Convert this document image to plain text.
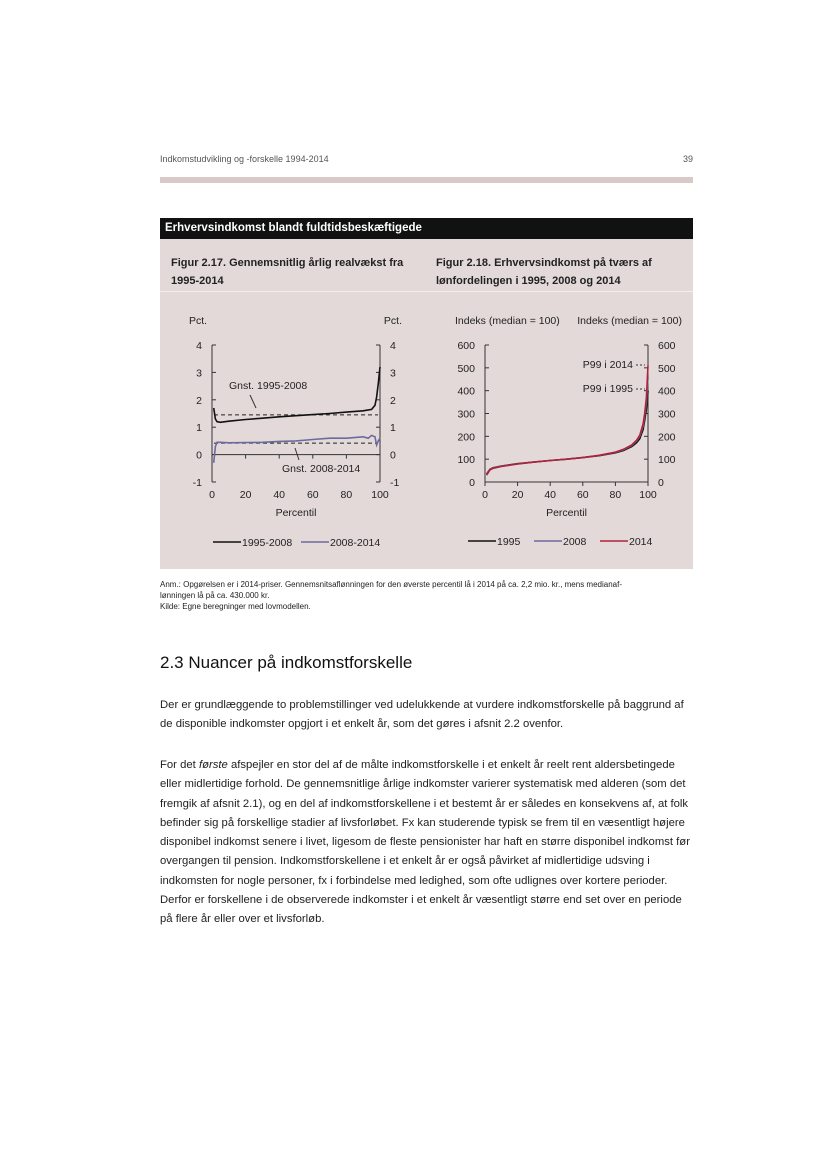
Indkomstudvikling og -forskelle 1994-2014	39
Erhvervsindkomst blandt fuldtidsbeskæftigede
Figur 2.17. Gennemsnitlig årlig realvækst fra 1995-2014
Figur 2.18. Erhvervsindkomst på tværs af lønfordelingen i 1995, 2008 og 2014
Pct.	Pct.
4	4
3	3
2	2
1	1
0	0
-1	-1
0 20 40 60 80 100
Percentil
Gnst. 1995-2008
Gnst. 2008-2014
1995-2008	2008-2014
Indeks (median = 100) Indeks (median = 100)
600	600
500	500
400	400
300	300
200	200
100	100
0	0
0 20 40 60 80 100
Percentil
P99 i 2014
P99 i 1995
1995	2008	2014
Anm.: Opgørelsen er i 2014-priser. Gennemsnitsaflønningen for den øverste percentil lå i 2014 på ca. 2,2 mio. kr., mens medianaf-
lønningen lå på ca. 430.000 kr.
Kilde: Egne beregninger med lovmodellen.
2.3 Nuancer på indkomstforskelle

Der er grundlæggende to problemstillinger ved udelukkende at vurdere indkomstforskelle på baggrund af de disponible indkomster opgjort i et enkelt år, som det gøres i afsnit 2.2 ovenfor.

For det første afspejler en stor del af de målte indkomstforskelle i et enkelt år reelt rent aldersbetingede eller midlertidige forhold. De gennemsnitlige årlige indkomster varierer systematisk med alderen (som det fremgik af afsnit 2.1), og en del af indkomstforskellene i et bestemt år er således en konsekvens af, at folk befinder sig på forskellige stadier af livsforløbet. Fx kan studerende typisk se frem til en væsentligt højere disponibel indkomst senere i livet, ligesom de fleste pensionister har haft en større disponibel indkomst før overgangen til pension. Indkomstforskellene i et enkelt år er også påvirket af midlertidige udsving i indkomsten for nogle personer, fx i forbindelse med ledighed, som ofte udlignes over kortere perioder. Derfor er forskellene i de observerede indkomster i et enkelt år væsentligt større end set over en periode på flere år eller over et livsforløb.
